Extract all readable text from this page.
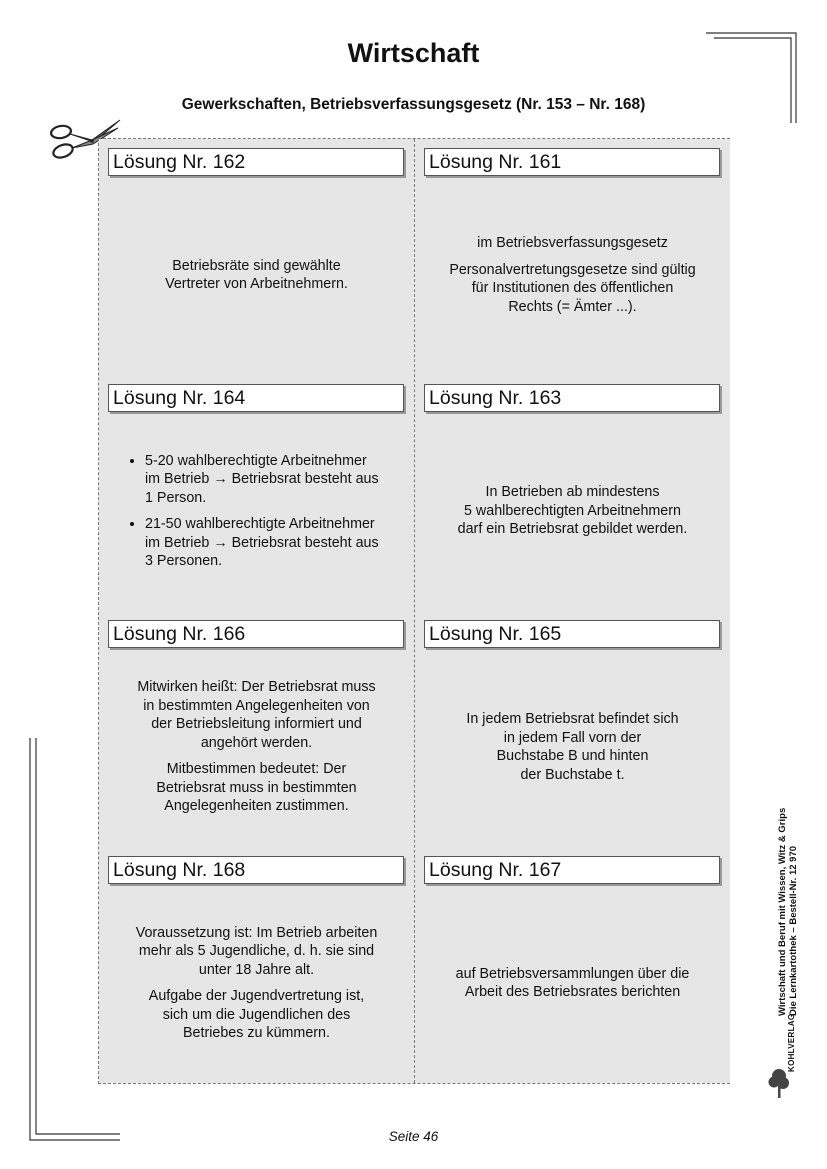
Wirtschaft
Gewerkschaften, Betriebsverfassungsgesetz (Nr. 153 – Nr. 168)
Lösung Nr. 162

Betriebsräte sind gewählte
Vertreter von Arbeitnehmern.

Lösung Nr. 161

im Betriebsverfassungsgesetz

Personalvertretungsgesetze sind gültig
für Institutionen des öffentlichen
Rechts (= Ämter ...).

Lösung Nr. 164
• 5-20 wahlberechtigte Arbeitnehmer
im Betrieb → Betriebsrat besteht aus
1 Person.
• 21-50 wahlberechtigte Arbeitnehmer
im Betrieb → Betriebsrat besteht aus
3 Personen.
Lösung Nr. 163

In Betrieben ab mindestens
5 wahlberechtigten Arbeitnehmern
darf ein Betriebsrat gebildet werden.

Lösung Nr. 166

Mitwirken heißt: Der Betriebsrat muss
in bestimmten Angelegenheiten von
der Betriebsleitung informiert und
angehört werden.

Mitbestimmen bedeutet: Der
Betriebsrat muss in bestimmten
Angelegenheiten zustimmen.

Lösung Nr. 165

In jedem Betriebsrat befindet sich
in jedem Fall vorn der
Buchstabe B und hinten
der Buchstabe t.

Lösung Nr. 168

Voraussetzung ist: Im Betrieb arbeiten
mehr als 5 Jugendliche, d. h. sie sind
unter 18 Jahre alt.

Aufgabe der Jugendvertretung ist,
sich um die Jugendlichen des
Betriebes zu kümmern.

Lösung Nr. 167

auf Betriebsversammlungen über die
Arbeit des Betriebsrates berichten

Seite 46
Wirtschaft und Beruf mit Wissen, Witz & Grips Die Lernkartothek – Bestell-Nr. 12 970
KOHLVERLAG
